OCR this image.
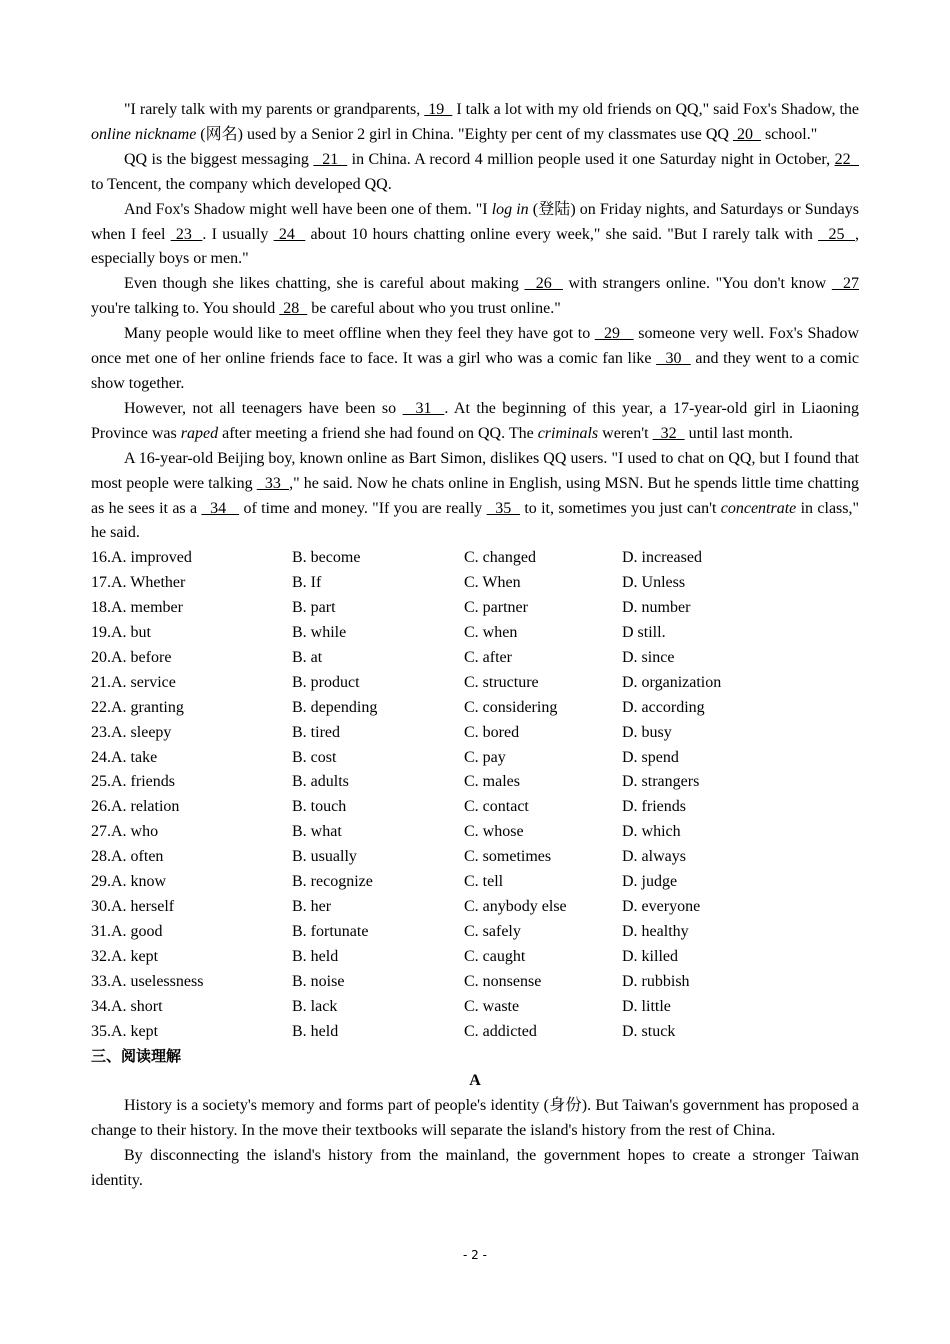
"I rarely talk with my parents or grandparents,  19   I talk a lot with my old friends on QQ," said Fox's Shadow, the online nickname (网名) used by a Senior 2 girl in China. "Eighty per cent of my classmates use QQ  20   school."

QQ is the biggest messaging   21   in China. A record 4 million people used it one Saturday night in October, 22   to Tencent, the company which developed QQ.

And Fox's Shadow might well have been one of them. "I log in (登陆) on Friday nights, and Saturdays or Sundays when I feel  23  . I usually  24   about 10 hours chatting online every week," she said. "But I rarely talk with   25  , especially boys or men."

Even though she likes chatting, she is careful about making   26   with strangers online. "You don't know   27 you're talking to. You should  28   be careful about who you trust online."

Many people would like to meet offline when they feel they have got to   29    someone very well. Fox's Shadow once met one of her online friends face to face. It was a girl who was a comic fan like   30   and they went to a comic show together.

However, not all teenagers have been so   31  . At the beginning of this year, a 17-year-old girl in Liaoning Province was raped after meeting a friend she had found on QQ. The criminals weren't   32   until last month.

A 16-year-old Beijing boy, known online as Bart Simon, dislikes QQ users. "I used to chat on QQ, but I found that most people were talking   33  ," he said. Now he chats online in English, using MSN. But he spends little time chatting as he sees it as a   34    of time and money. "If you are really   35   to it, sometimes you just can't concentrate in class," he said.

16.A. improved	B. become	C. changed	D. increased
17.A. Whether	B. If	C. When	D. Unless
18.A. member	B. part	C. partner	D. number
19.A. but	B. while	C. when	D still.
20.A. before	B. at	C. after	D. since
21.A. service	B. product	C. structure	D. organization
22.A. granting	B. depending	C. considering	D. according
23.A. sleepy	B. tired	C. bored	D. busy
24.A. take	B. cost	C. pay	D. spend
25.A. friends	B. adults	C. males	D. strangers
26.A. relation	B. touch	C. contact	D. friends
27.A. who	B. what	C. whose	D. which
28.A. often	B. usually	C. sometimes	D. always
29.A. know	B. recognize	C. tell	D. judge
30.A. herself	B. her	C. anybody else	D. everyone
31.A. good	B. fortunate	C. safely	D. healthy
32.A. kept	B. held	C. caught	D. killed
33.A. uselessness	B. noise	C. nonsense	D. rubbish
34.A. short	B. lack	C. waste	D. little
35.A. kept	B. held	C. addicted	D. stuck

三、阅读理解

A

History is a society's memory and forms part of people's identity (身份). But Taiwan's government has proposed a change to their history. In the move their textbooks will separate the island's history from the rest of China.

By disconnecting the island's history from the mainland, the government hopes to create a stronger Taiwan identity.

- 2 -
